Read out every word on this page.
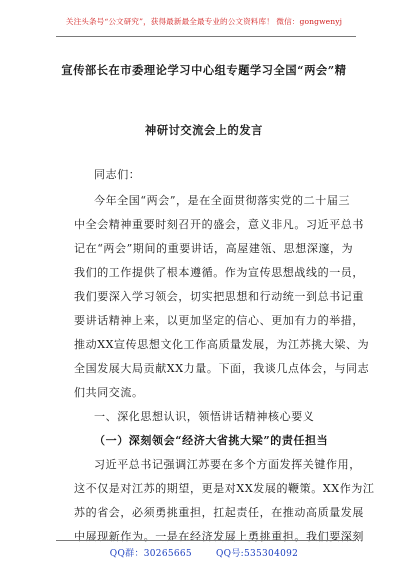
关注头条号“公文研究”，获得最新最全最专业的公文资料库！ 微信：gongwenyj
宣传部长在市委理论学习中心组专题学习全国“两会”精
神研讨交流会上的发言
同志们：
今年全国“两会”，是在全面贯彻落实党的二十届三
中全会精神重要时刻召开的盛会，意义非凡。习近平总书
记在“两会”期间的重要讲话，高屋建瓴、思想深邃，为
我们的工作提供了根本遵循。作为宣传思想战线的一员，
我们要深入学习领会，切实把思想和行动统一到总书记重
要讲话精神上来，以更加坚定的信心、更加有力的举措，
推动XX宣传思想文化工作高质量发展，为江苏挑大梁、为
全国发展大局贡献XX力量。下面，我谈几点体会，与同志
们共同交流。
一、深化思想认识，领悟讲话精神核心要义
（一）深刻领会“经济大省挑大梁”的责任担当
习近平总书记强调江苏要在多个方面发挥关键作用，
这不仅是对江苏的期望，更是对XX发展的鞭策。XX作为江
苏的省会，必须勇挑重担，扛起责任，在推动高质量发展
中展现新作为。一是在经济发展上勇挑重担。我们要深刻
QQ群：30265665	QQ号:535304092
